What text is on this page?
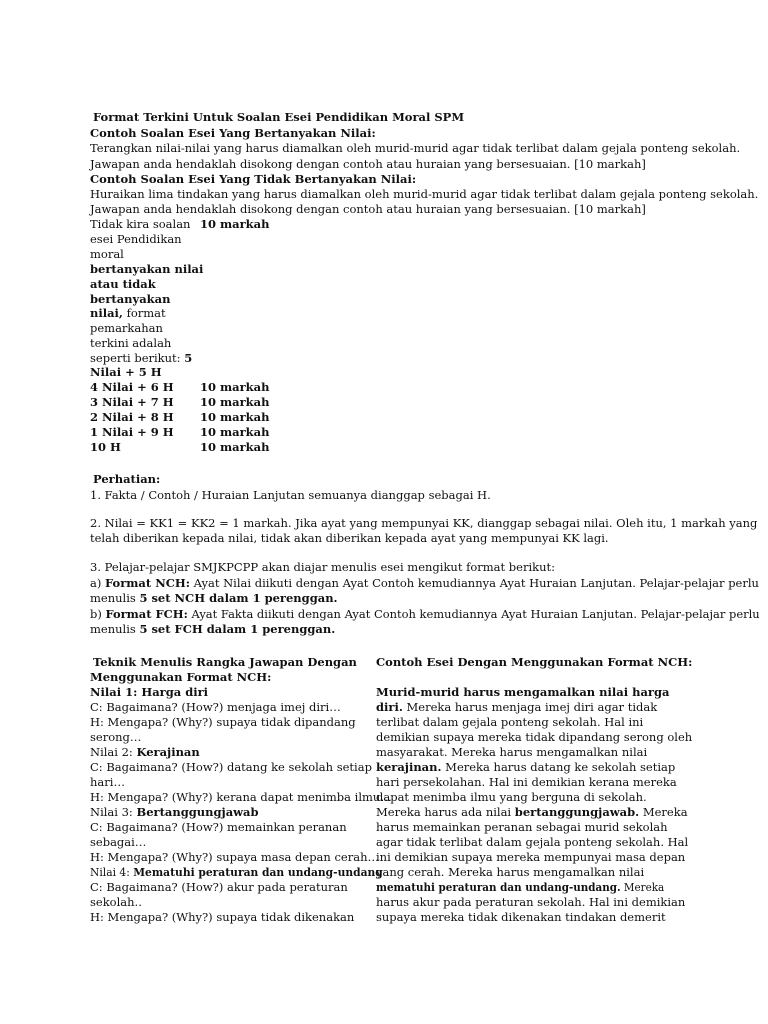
Format Terkini Untuk Soalan Esei Pendidikan Moral SPM

Contoh Soalan Esei Yang Bertanyakan Nilai:

Terangkan nilai-nilai yang harus diamalkan oleh murid-murid agar tidak terlibat dalam gejala ponteng sekolah.

Jawapan anda hendaklah disokong dengan contoh atau huraian yang bersesuaian. [10 markah]

Contoh Soalan Esei Yang Tidak Bertanyakan Nilai:

Huraikan lima tindakan yang harus diamalkan oleh murid-murid agar tidak terlibat dalam gejala ponteng sekolah.

Jawapan anda hendaklah disokong dengan contoh atau huraian yang bersesuaian. [10 markah]

10 markah

Tidak kira soalan

esei Pendidikan

moral

bertanyakan nilai

atau tidak

bertanyakan

nilai, format

pemarkahan

terkini adalah

seperti berikut: 5

Nilai + 5 H

4 Nilai + 6 H 10 markah

3 Nilai + 7 H 10 markah

2 Nilai + 8 H 10 markah

1 Nilai + 9 H 10 markah

10 H	10 markah

Perhatian:

1. Fakta / Contoh / Huraian Lanjutan semuanya dianggap sebagai H.

2. Nilai = KK1 = KK2 = 1 markah. Jika ayat yang mempunyai KK, dianggap sebagai nilai. Oleh itu, 1 markah yang

telah diberikan kepada nilai, tidak akan diberikan kepada ayat yang mempunyai KK lagi.

3. Pelajar-pelajar SMJKPCPP akan diajar menulis esei mengikut format berikut:

a) Format NCH: Ayat Nilai diikuti dengan Ayat Contoh kemudiannya Ayat Huraian Lanjutan. Pelajar-pelajar perlu

menulis 5 set NCH dalam 1 perenggan.

b) Format FCH: Ayat Fakta diikuti dengan Ayat Contoh kemudiannya Ayat Huraian Lanjutan. Pelajar-pelajar perlu

menulis 5 set FCH dalam 1 perenggan.

Teknik Menulis Rangka Jawapan Dengan

Menggunakan Format NCH:

Nilai 1: Harga diri

C: Bagaimana? (How?) menjaga imej diri…

H: Mengapa? (Why?) supaya tidak dipandang

serong…

Nilai 2: Kerajinan

C: Bagaimana? (How?) datang ke sekolah setiap

hari…

H: Mengapa? (Why?) kerana dapat menimba ilmu…

Nilai 3: Bertanggungjawab

C: Bagaimana? (How?) memainkan peranan

sebagai…

H: Mengapa? (Why?) supaya masa depan cerah…

Nilai 4: Mematuhi peraturan dan undang-undang

C: Bagaimana? (How?) akur pada peraturan

sekolah..

H: Mengapa? (Why?) supaya tidak dikenakan

Contoh Esei Dengan Menggunakan Format NCH:

Murid-murid harus mengamalkan nilai harga

diri. Mereka harus menjaga imej diri agar tidak

terlibat dalam gejala ponteng sekolah. Hal ini

demikian supaya mereka tidak dipandang serong oleh

masyarakat. Mereka harus mengamalkan nilai

kerajinan. Mereka harus datang ke sekolah setiap

hari persekolahan. Hal ini demikian kerana mereka

dapat menimba ilmu yang berguna di sekolah.

Mereka harus ada nilai bertanggungjawab. Mereka

harus memainkan peranan sebagai murid sekolah

agar tidak terlibat dalam gejala ponteng sekolah. Hal

ini demikian supaya mereka mempunyai masa depan

yang cerah. Mereka harus mengamalkan nilai

mematuhi peraturan dan undang-undang. Mereka

harus akur pada peraturan sekolah. Hal ini demikian

supaya mereka tidak dikenakan tindakan demerit
